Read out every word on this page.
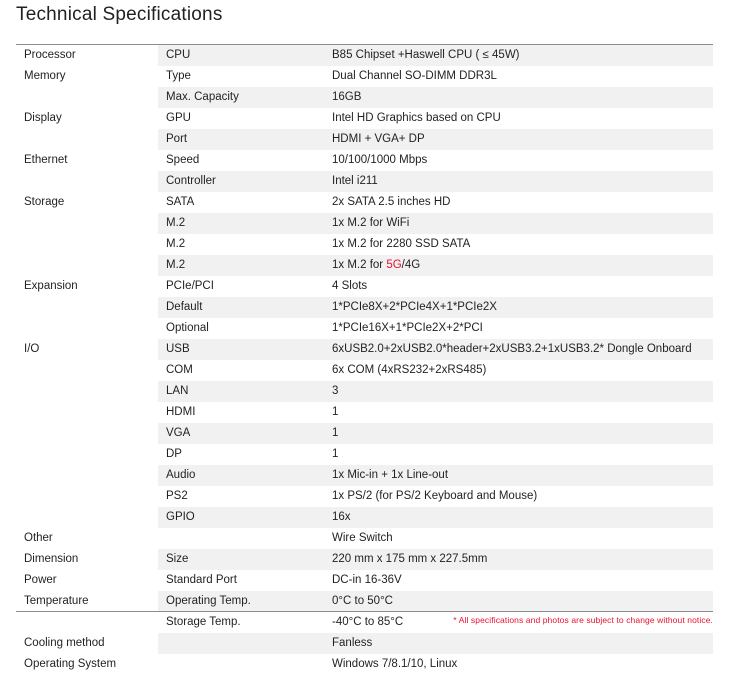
Technical Specifications
Processor	CPU	B85 Chipset +Haswell CPU ( ≤ 45W)
Memory	Type	Dual Channel SO-DIMM DDR3L
	Max. Capacity	16GB
Display	GPU	Intel HD Graphics based on CPU
	Port	HDMI + VGA+ DP
Ethernet	Speed	10/100/1000 Mbps
	Controller	Intel i211
Storage	SATA	2x SATA 2.5 inches HD
	M.2	1x M.2 for WiFi
	M.2	1x M.2 for 2280 SSD SATA
	M.2	1x M.2 for 5G/4G
Expansion	PCIe/PCI	4 Slots
	Default	1*PCIe8X+2*PCIe4X+1*PCIe2X
	Optional	1*PCIe16X+1*PCIe2X+2*PCI
I/O	USB	6xUSB2.0+2xUSB2.0*header+2xUSB3.2+1xUSB3.2* Dongle Onboard
	COM	6x COM (4xRS232+2xRS485)
	LAN	3
	HDMI	1
	VGA	1
	DP	1
	Audio	1x Mic-in + 1x Line-out
	PS2	1x PS/2 (for PS/2 Keyboard and Mouse)
	GPIO	16x
Other		Wire Switch
Dimension	Size	220 mm x 175 mm x 227.5mm
Power	Standard Port	DC-in 16-36V
Temperature	Operating Temp.	0°C to 50°C
	Storage Temp.	-40°C to 85°C
Cooling method		Fanless
Operating System		Windows 7/8.1/10, Linux
* All specifications and photos are subject to change without notice.
